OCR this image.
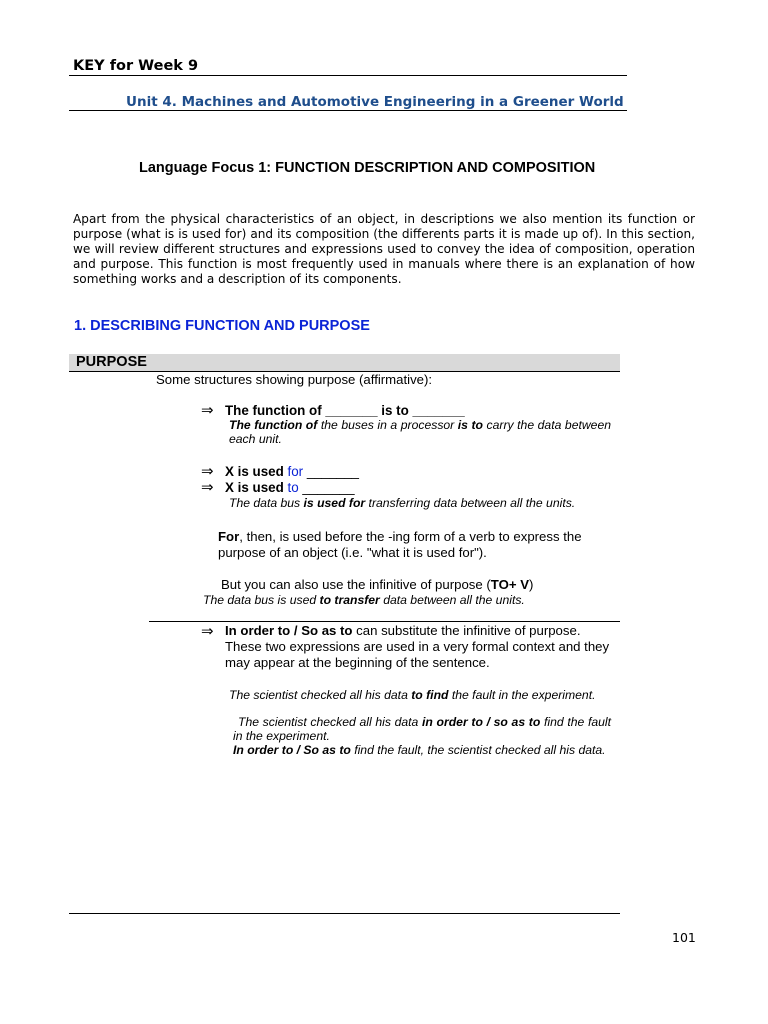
KEY for Week 9
Unit 4. Machines and Automotive Engineering in a Greener World
Language Focus 1: FUNCTION DESCRIPTION AND COMPOSITION
Apart from the physical characteristics of an object, in descriptions we also mention its function or purpose (what is is used for) and its composition (the differents parts it is made up of). In this section, we will review different structures and expressions used to convey the idea of composition, operation and purpose. This function is most frequently used in manuals where there is an explanation of how something works and a description of its components.
1. DESCRIBING FUNCTION AND PURPOSE
PURPOSE
Some structures showing purpose (affirmative):
⇒ The function of _______ is to _______
The function of the buses in a processor is to carry the data between each unit.
⇒ X is used for _______
⇒ X is used to _______
The data bus is used for transferring data between all the units.
For, then, is used before the -ing form of a verb to express the purpose of an object (i.e. "what it is used for").
But you can also use the infinitive of purpose (TO+ V)
The data bus is used to transfer data between all the units.
⇒ In order to / So as to can substitute the infinitive of purpose. These two expressions are used in a very formal context and they may appear at the beginning of the sentence.
The scientist checked all his data to find the fault in the experiment.
The scientist checked all his data in order to / so as to find the fault in the experiment.
In order to / So as to find the fault, the scientist checked all his data.
101
